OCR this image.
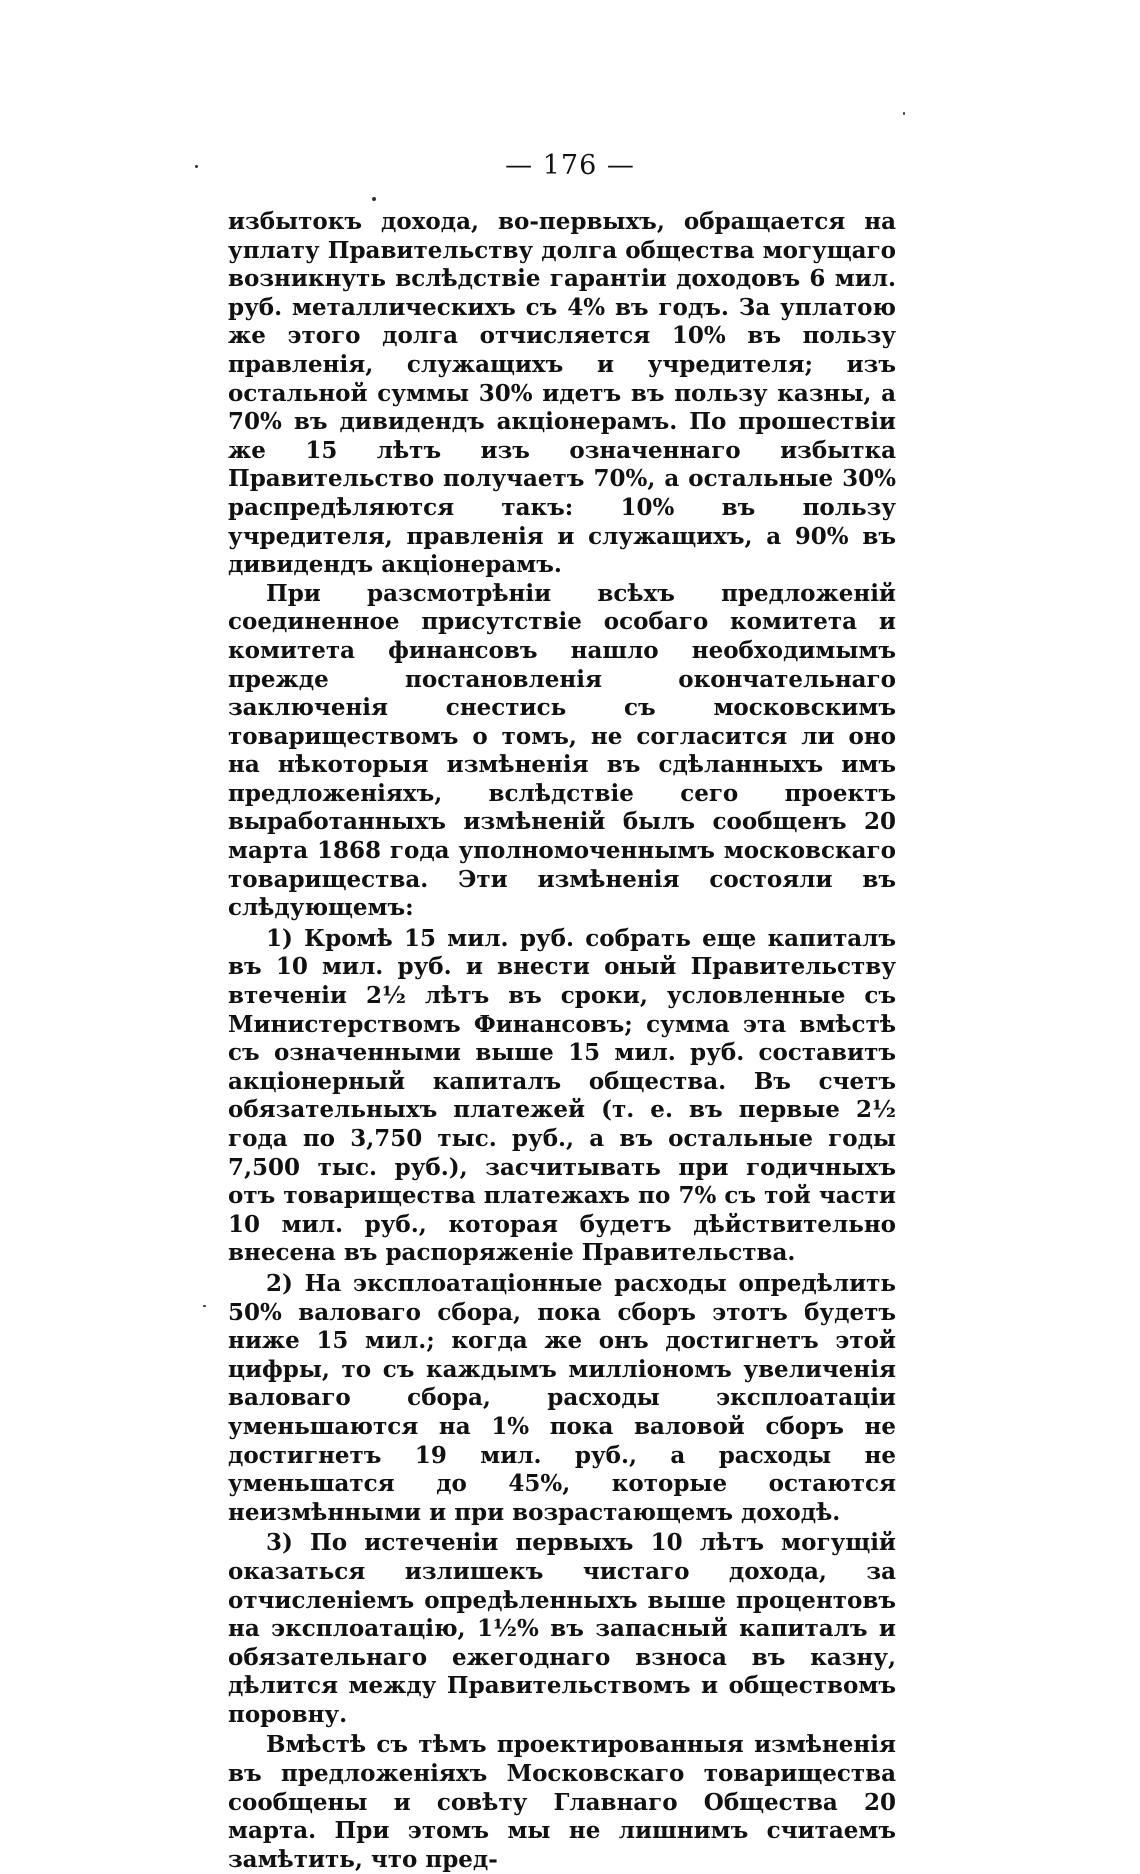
— 176 —

избытокъ дохода, во-первыхъ, обращается на уплату Правительству долга общества могущаго возникнуть вслѣдствіе гарантіи доходовъ 6 мил. руб. металлическихъ съ 4% въ годъ. За уплатою же этого долга отчисляется 10% въ пользу правленія, служащихъ и учредителя; изъ остальной суммы 30% идетъ въ пользу казны, а 70% въ дивидендъ акціонерамъ. По прошествіи же 15 лѣтъ изъ означеннаго избытка Правительство получаетъ 70%, а остальные 30% распредѣляются такъ: 10% въ пользу учредителя, правленія и служащихъ, а 90% въ дивидендъ акціонерамъ.

При разсмотрѣніи всѣхъ предложеній соединенное присутствіе особаго комитета и комитета финансовъ нашло необходимымъ прежде постановленія окончательнаго заключенія снестись съ московскимъ товариществомъ о томъ, не согласится ли оно на нѣкоторыя измѣненія въ сдѣланныхъ имъ предложеніяхъ, вслѣдствіе сего проектъ выработанныхъ измѣненій былъ сообщенъ 20 марта 1868 года уполномоченнымъ московскаго товарищества. Эти измѣненія состояли въ слѣдующемъ:

1) Кромѣ 15 мил. руб. собрать еще капиталъ въ 10 мил. руб. и внести оный Правительству втеченіи 2½ лѣтъ въ сроки, условленные съ Министерствомъ Финансовъ; сумма эта вмѣстѣ съ означенными выше 15 мил. руб. составитъ акціонерный капиталъ общества. Въ счетъ обязательныхъ платежей (т. е. въ первые 2½ года по 3,750 тыс. руб., а въ остальные годы 7,500 тыс. руб.), засчитывать при годичныхъ отъ товарищества платежахъ по 7% съ той части 10 мил. руб., которая будетъ дѣйствительно внесена въ распоряженіе Правительства.

2) На эксплоатаціонные расходы опредѣлить 50% валоваго сбора, пока сборъ этотъ будетъ ниже 15 мил.; когда же онъ достигнетъ этой цифры, то съ каждымъ милліономъ увеличенія валоваго сбора, расходы эксплоатаціи уменьшаются на 1% пока валовой сборъ не достигнетъ 19 мил. руб., а расходы не уменьшатся до 45%, которые остаются неизмѣнными и при возрастающемъ доходѣ.

3) По истеченіи первыхъ 10 лѣтъ могущій оказаться излишекъ чистаго дохода, за отчисленіемъ опредѣленныхъ выше процентовъ на эксплоатацію, 1½% въ запасный капиталъ и обязательнаго ежегоднаго взноса въ казну, дѣлится между Правительствомъ и обществомъ поровну.

Вмѣстѣ съ тѣмъ проектированныя измѣненія въ предложеніяхъ Московскаго товарищества сообщены и совѣту Главнаго Общества 20 марта. При этомъ мы не лишнимъ считаемъ замѣтить, что пред-
